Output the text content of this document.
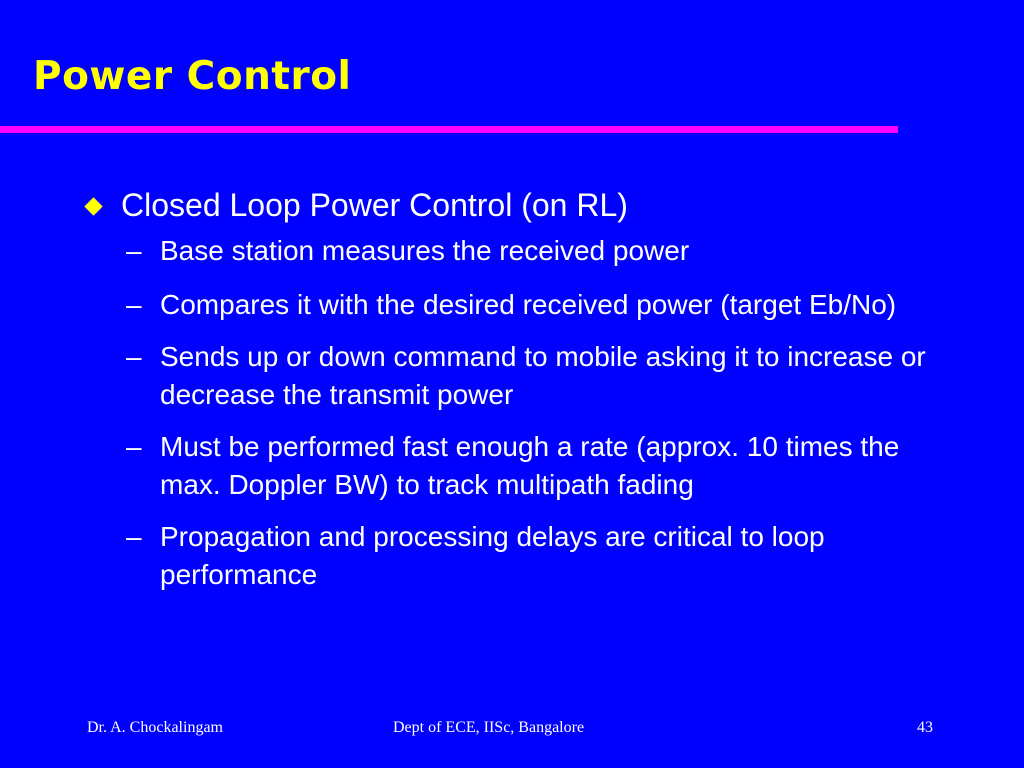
Power Control
Closed Loop Power Control (on RL)
– Base station measures the received power
– Compares it with the desired received power (target Eb/No)
– Sends up or down command to mobile asking it to increase or decrease the transmit power
– Must be performed fast enough a rate (approx. 10 times the max. Doppler BW) to track multipath fading
– Propagation and processing delays are critical to loop performance
Dr. A. Chockalingam	Dept of ECE, IISc, Bangalore	43
